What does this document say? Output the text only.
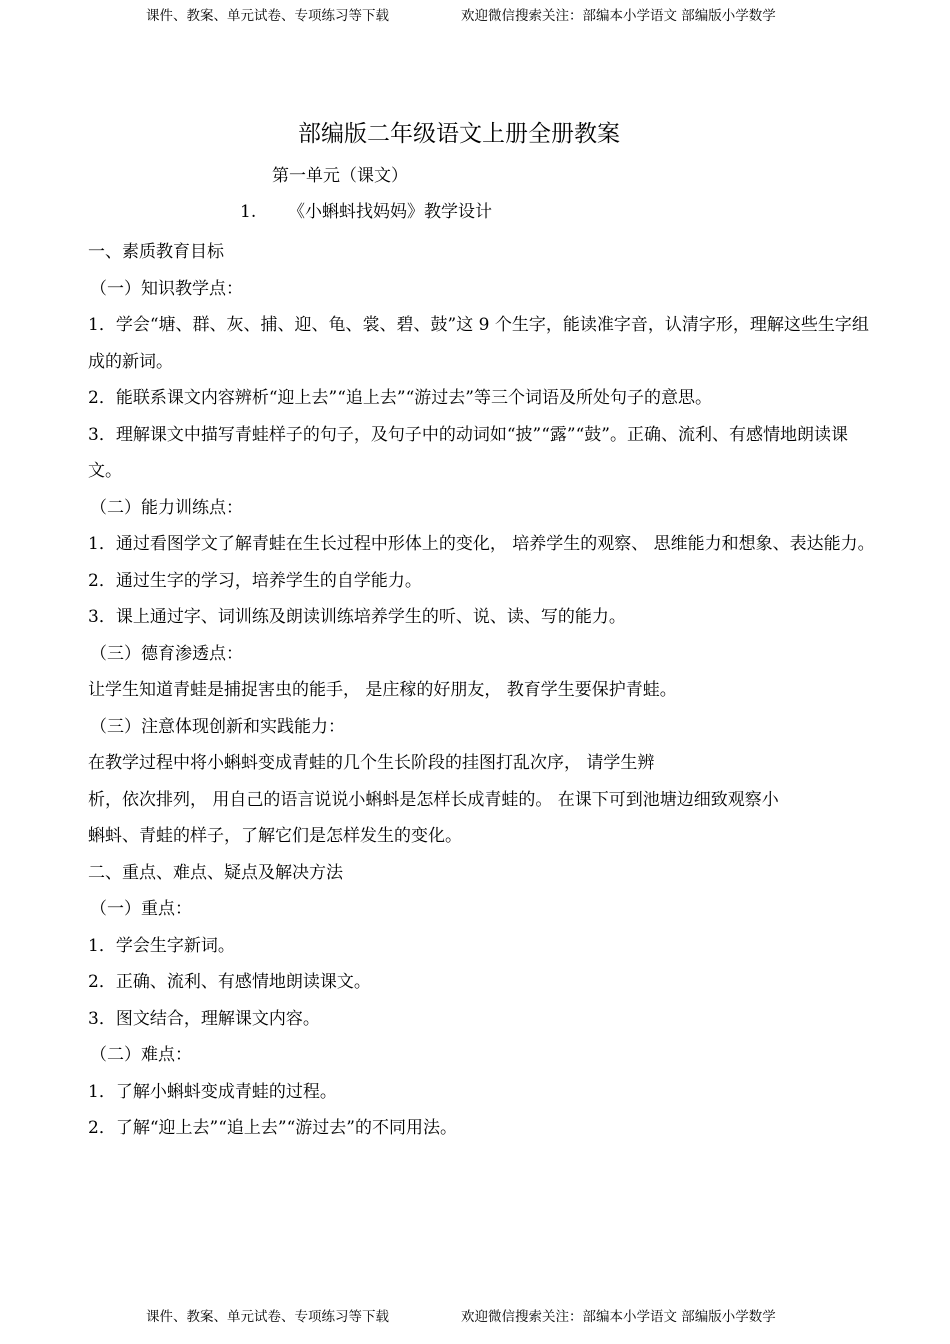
课件、教案、单元试卷、专项练习等下载	欢迎微信搜索关注：部编本小学语文 部编版小学数学
部编版二年级语文上册全册教案
第一单元（课文）
1. 《小蝌蚪找妈妈》教学设计

一、素质教育目标

（一）知识教学点：

1．学会“塘、群、灰、捕、迎、龟、裳、碧、鼓”这 9 个生字，能读准字音，认清字形，理解这些生字组成的新词。

2．能联系课文内容辨析“迎上去”“追上去”“游过去”等三个词语及所处句子的意思。

3．理解课文中描写青蛙样子的句子，及句子中的动词如“披”“露”“鼓”。正确、流利、有感情地朗读课文。

（二）能力训练点：

1．通过看图学文了解青蛙在生长过程中形体上的变化， 培养学生的观察、 思维能力和想象、表达能力。

2．通过生字的学习，培养学生的自学能力。

3．课上通过字、词训练及朗读训练培养学生的听、说、读、写的能力。

（三）德育渗透点：

让学生知道青蛙是捕捉害虫的能手， 是庄稼的好朋友， 教育学生要保护青蛙。

（三）注意体现创新和实践能力：

在教学过程中将小蝌蚪变成青蛙的几个生长阶段的挂图打乱次序， 请学生辨

析，依次排列， 用自己的语言说说小蝌蚪是怎样长成青蛙的。 在课下可到池塘边细致观察小

蝌蚪、青蛙的样子，了解它们是怎样发生的变化。

二、重点、难点、疑点及解决方法

（一）重点：

1．学会生字新词。

2．正确、流利、有感情地朗读课文。

3．图文结合，理解课文内容。

（二）难点：

1．了解小蝌蚪变成青蛙的过程。

2．了解“迎上去”“追上去”“游过去”的不同用法。

课件、教案、单元试卷、专项练习等下载	欢迎微信搜索关注：部编本小学语文 部编版小学数学
